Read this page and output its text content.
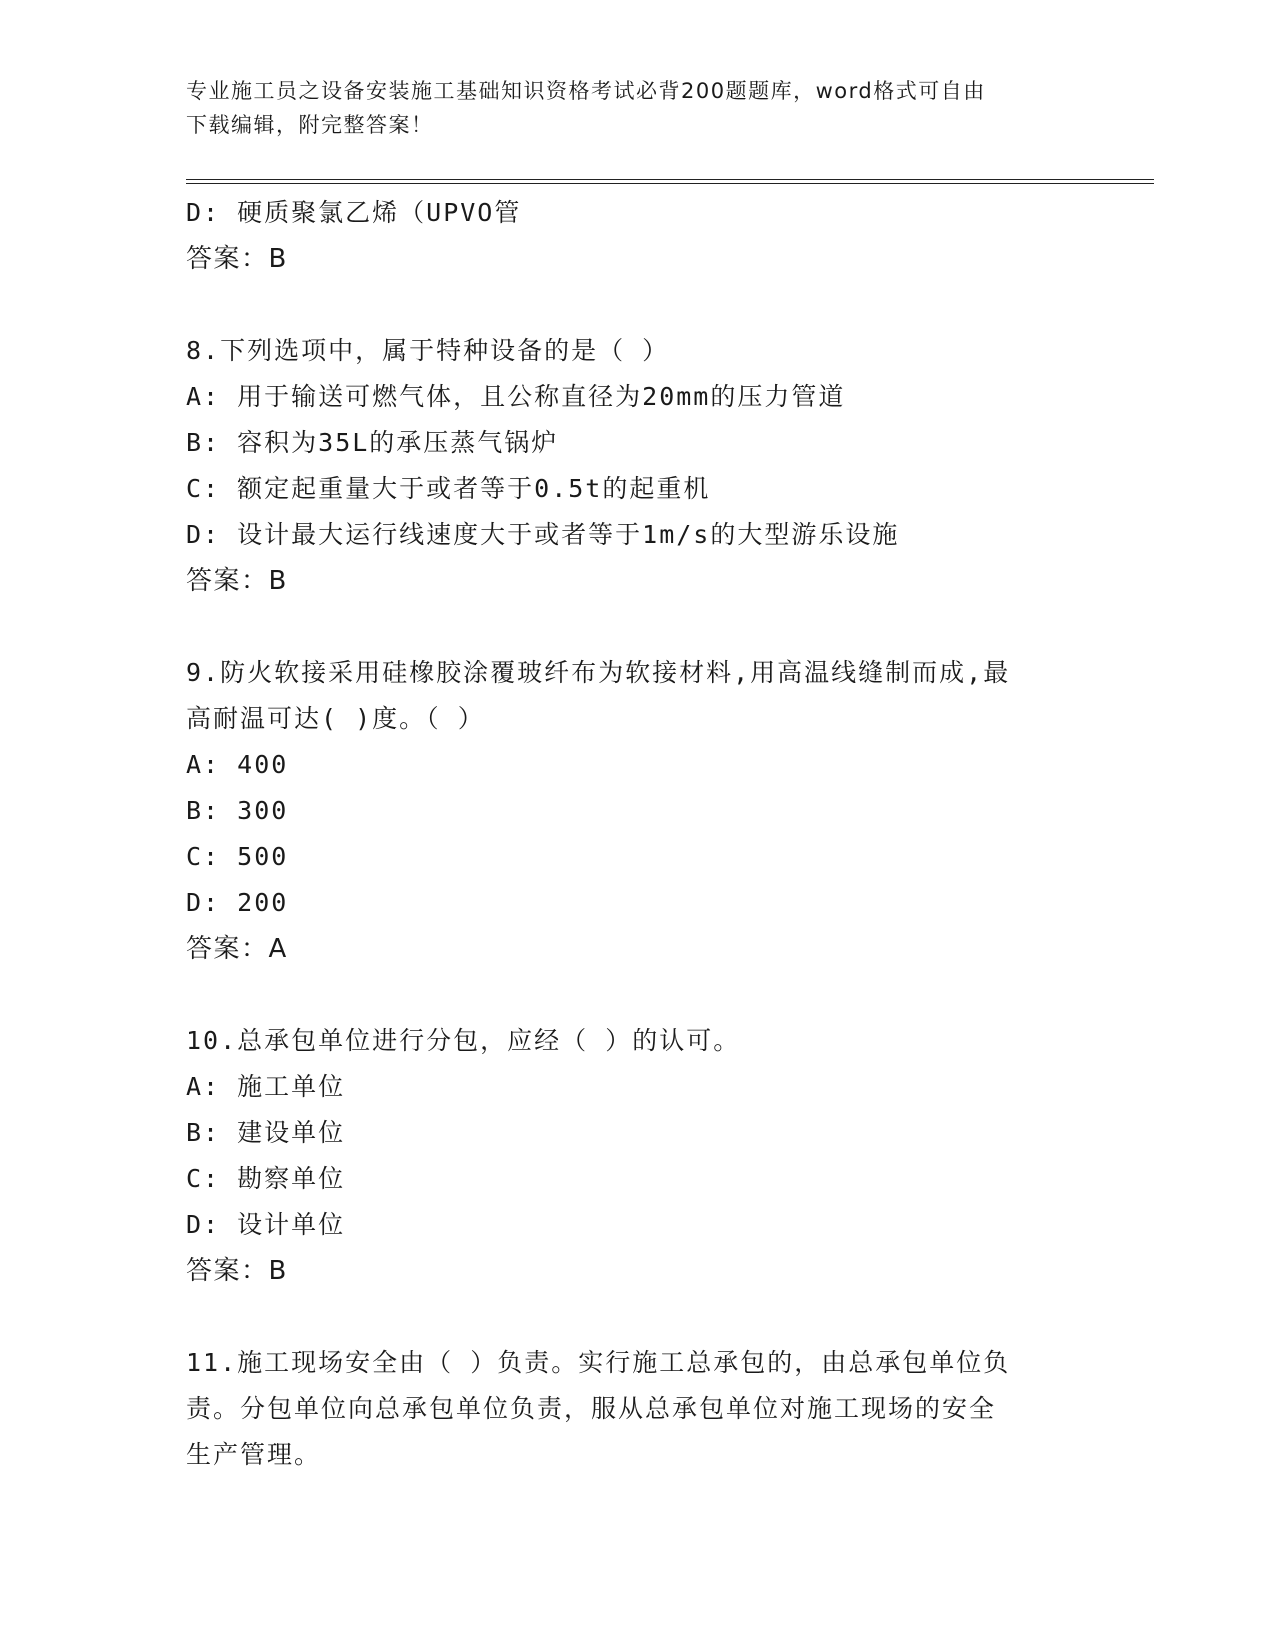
专业施工员之设备安装施工基础知识资格考试必背200题题库，word格式可自由
下载编辑，附完整答案！
D: 硬质聚氯乙烯（UPVO管
答案：B
8.下列选项中，属于特种设备的是（ ）
A: 用于输送可燃气体，且公称直径为20mm的压力管道
B: 容积为35L的承压蒸气锅炉
C: 额定起重量大于或者等于0.5t的起重机
D: 设计最大运行线速度大于或者等于1m/s的大型游乐设施
答案：B
9.防火软接采用硅橡胶涂覆玻纤布为软接材料,用高温线缝制而成,最
高耐温可达( )度。（ ）
A: 400
B: 300
C: 500
D: 200
答案：A
10.总承包单位进行分包，应经（ ）的认可。
A: 施工单位
B: 建设单位
C: 勘察单位
D: 设计单位
答案：B
11.施工现场安全由（ ）负责。实行施工总承包的，由总承包单位负
责。分包单位向总承包单位负责，服从总承包单位对施工现场的安全
生产管理。
